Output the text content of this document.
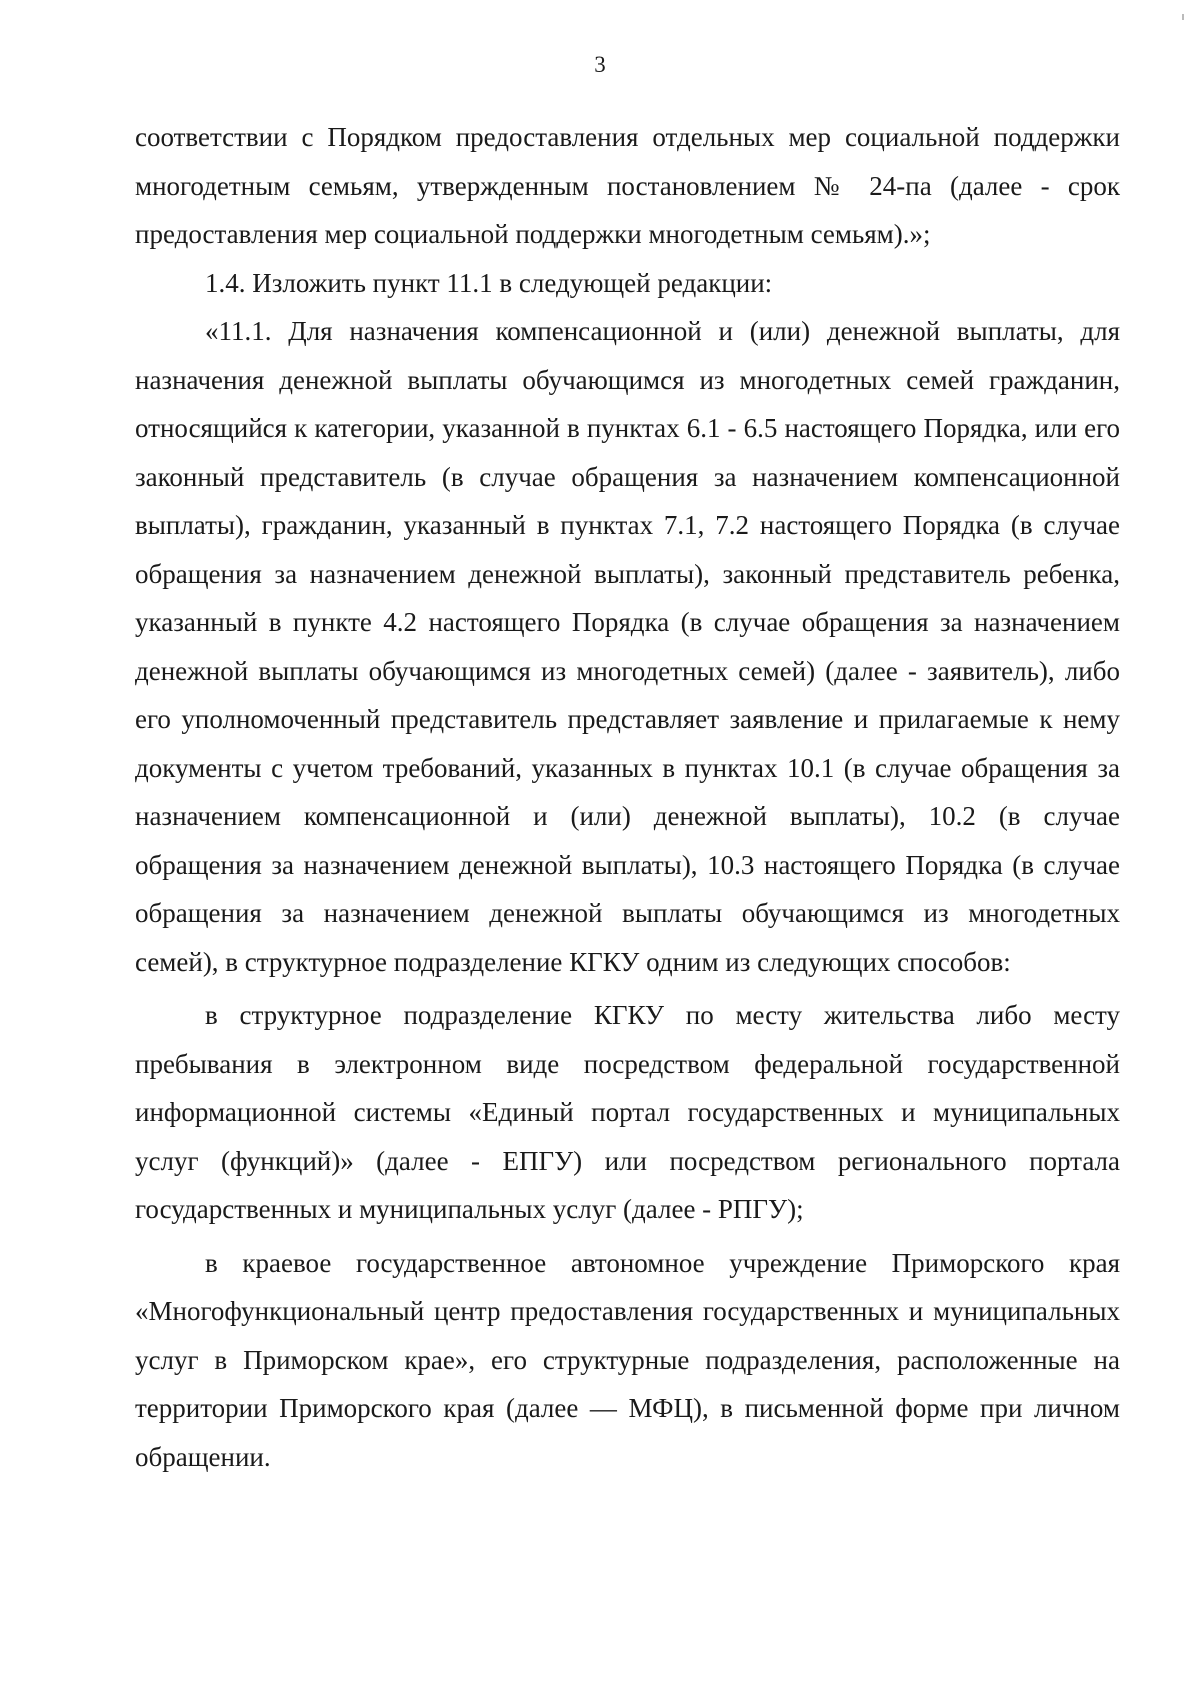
3

соответствии с Порядком предоставления отдельных мер социальной поддержки многодетным семьям, утвержденным постановлением № 24-па (далее - срок предоставления мер социальной поддержки многодетным семьям).»;

1.4. Изложить пункт 11.1 в следующей редакции:

«11.1. Для назначения компенсационной и (или) денежной выплаты, для назначения денежной выплаты обучающимся из многодетных семей гражданин, относящийся к категории, указанной в пунктах 6.1 - 6.5 настоящего Порядка, или его законный представитель (в случае обращения за назначением компенсационной выплаты), гражданин, указанный в пунктах 7.1, 7.2 настоящего Порядка (в случае обращения за назначением денежной выплаты), законный представитель ребенка, указанный в пункте 4.2 настоящего Порядка (в случае обращения за назначением денежной выплаты обучающимся из многодетных семей) (далее - заявитель), либо его уполномоченный представитель представляет заявление и прилагаемые к нему документы с учетом требований, указанных в пунктах 10.1 (в случае обращения за назначением компенсационной и (или) денежной выплаты), 10.2 (в случае обращения за назначением денежной выплаты), 10.3 настоящего Порядка (в случае обращения за назначением денежной выплаты обучающимся из многодетных семей), в структурное подразделение КГКУ одним из следующих способов:

в структурное подразделение КГКУ по месту жительства либо месту пребывания в электронном виде посредством федеральной государственной информационной системы «Единый портал государственных и муниципальных услуг (функций)» (далее - ЕПГУ) или посредством регионального портала государственных и муниципальных услуг (далее - РПГУ);

в краевое государственное автономное учреждение Приморского края «Многофункциональный центр предоставления государственных и муниципальных услуг в Приморском крае», его структурные подразделения, расположенные на территории Приморского края (далее — МФЦ), в письменной форме при личном обращении.
